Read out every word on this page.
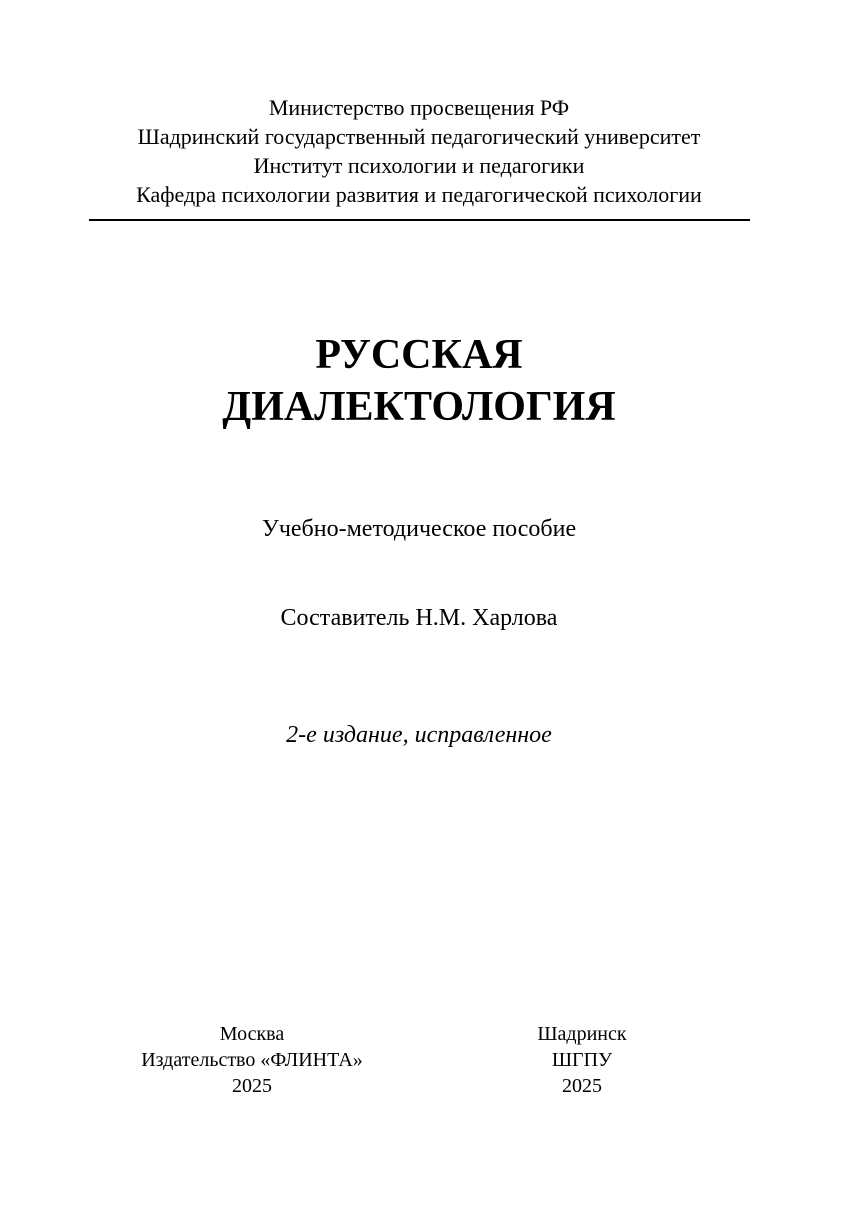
Министерство просвещения РФ
Шадринский государственный педагогический университет
Институт психологии и педагогики
Кафедра психологии развития и педагогической психологии
РУССКАЯ
ДИАЛЕКТОЛОГИЯ
Учебно-методическое пособие
Составитель Н.М. Харлова
2-е издание, исправленное
Москва
Издательство «ФЛИНТА»
2025
Шадринск
ШГПУ
2025
